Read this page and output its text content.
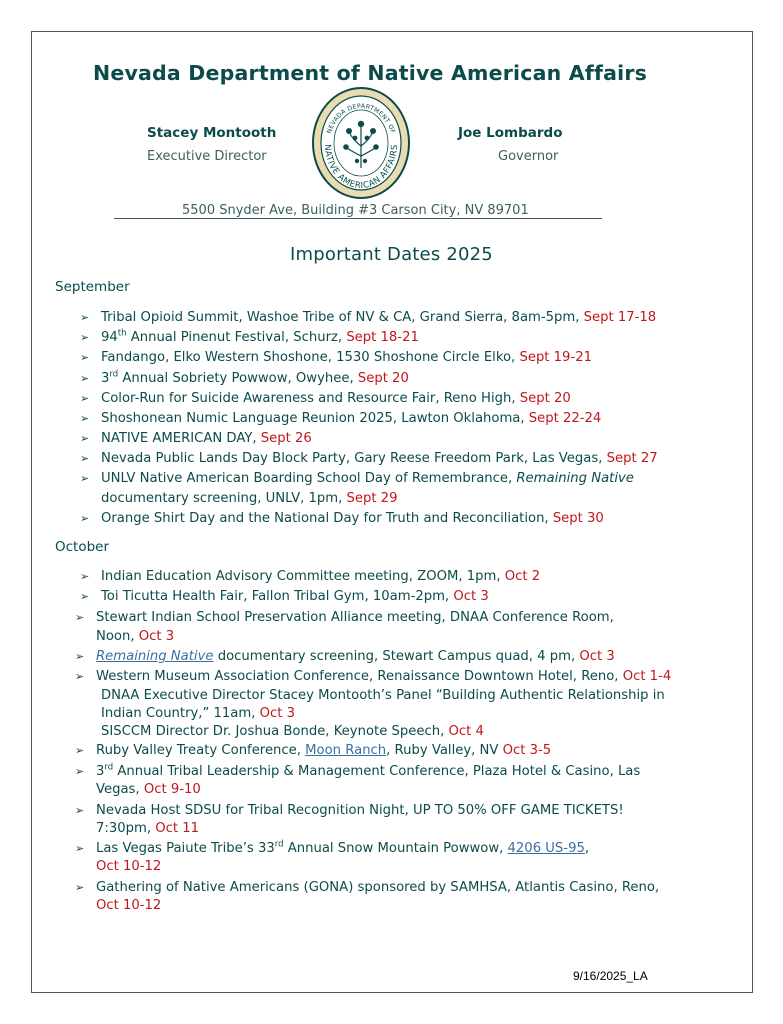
Nevada Department of Native American Affairs
Stacey Montooth
Executive Director
Joe Lombardo
Governor
NEVADA DEPARTMENT OF
NATIVE AMERICAN AFFAIRS
5500 Snyder Ave, Building #3 Carson City, NV 89701
Important Dates 2025
September
➢ Tribal Opioid Summit, Washoe Tribe of NV & CA, Grand Sierra, 8am-5pm, Sept 17-18
➢ 94th Annual Pinenut Festival, Schurz, Sept 18-21
➢ Fandango, Elko Western Shoshone, 1530 Shoshone Circle Elko, Sept 19-21
➢ 3rd Annual Sobriety Powwow, Owyhee, Sept 20
➢ Color-Run for Suicide Awareness and Resource Fair, Reno High, Sept 20
➢ Shoshonean Numic Language Reunion 2025, Lawton Oklahoma, Sept 22-24
➢ NATIVE AMERICAN DAY, Sept 26
➢ Nevada Public Lands Day Block Party, Gary Reese Freedom Park, Las Vegas, Sept 27
➢ UNLV Native American Boarding School Day of Remembrance, Remaining Native
documentary screening, UNLV, 1pm, Sept 29
➢ Orange Shirt Day and the National Day for Truth and Reconciliation, Sept 30
October
➢ Indian Education Advisory Committee meeting, ZOOM, 1pm, Oct 2
➢ Toi Ticutta Health Fair, Fallon Tribal Gym, 10am-2pm, Oct 3
➢ Stewart Indian School Preservation Alliance meeting, DNAA Conference Room,
Noon, Oct 3
➢ Remaining Native documentary screening, Stewart Campus quad, 4 pm, Oct 3
➢ Western Museum Association Conference, Renaissance Downtown Hotel, Reno, Oct 1-4
DNAA Executive Director Stacey Montooth’s Panel “Building Authentic Relationship in
Indian Country,” 11am, Oct 3
SISCCM Director Dr. Joshua Bonde, Keynote Speech, Oct 4
➢ Ruby Valley Treaty Conference, Moon Ranch, Ruby Valley, NV Oct 3-5
➢ 3rd Annual Tribal Leadership & Management Conference, Plaza Hotel & Casino, Las
Vegas, Oct 9-10
➢ Nevada Host SDSU for Tribal Recognition Night, UP TO 50% OFF GAME TICKETS!
7:30pm, Oct 11
➢ Las Vegas Paiute Tribe’s 33rd Annual Snow Mountain Powwow, 4206 US-95,
Oct 10-12
➢ Gathering of Native Americans (GONA) sponsored by SAMHSA, Atlantis Casino, Reno,
Oct 10-12
9/16/2025_LA
